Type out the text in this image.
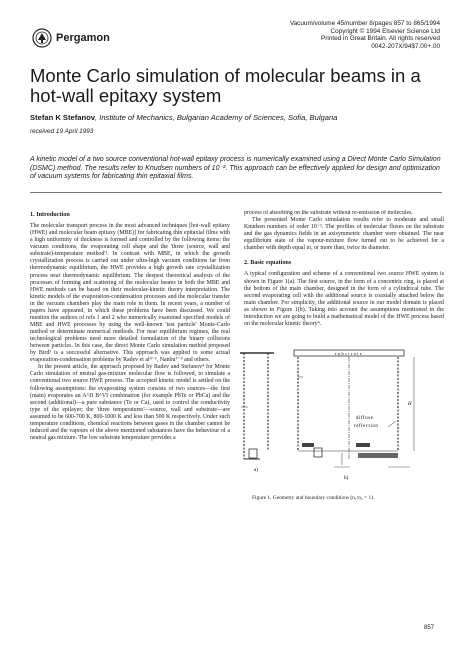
Pergamon
Vacuum/volume 45/number 8/pages 857 to 865/1994
Copyright © 1994 Elsevier Science Ltd
Printed in Great Britain. All rights reserved
0042-207X/94$7.00+.00
Monte Carlo simulation of molecular beams in a
hot-wall epitaxy system
Stefan K Stefanov, Institute of Mechanics, Bulgarian Academy of Sciences, Sofia, Bulgaria
received 19 April 1993
A kinetic model of a two source conventional hot-wall epitaxy process is numerically examined using a Direct Monte Carlo Simulation (DSMC) method. The results refer to Knudsen numbers of 10⁻². This approach can be effectively applied for design and optimization of vacuum systems for fabricating thin epitaxial films.
1. Introduction

The molecular transport process in the most advanced techniques [hot-wall epitaxy (HWE) and molecular beam epitaxy (MBE)] for fabricating thin epitaxial films with a high uniformity of thickness is formed and controlled by the following items: the vacuum conditions, the evaporating cell shape and the 'three (source, wall and substrate)-temperature method'¹. In contrast with MBE, in which the growth crystallization process is carried out under ultra-high vacuum conditions far from thermodynamic equilibrium, the HWE provides a high growth rate crystallization process near thermodynamic equilibrium. The deepest theoretical analysis of the processes of forming and scattering of the molecular beams in both the MBE and HWE methods can be based on their molecular-kinetic theory interpretation. The kinetic models of the evaporation-condensation processes and the molecular transfer in the vacuum chambers play the main role in them. In recent years, a number of papers have appeared, in which these problems have been discussed. We could mention the authors of refs 1 and 2 who numerically examined specified models of MBE and HWE processes by using the well-known 'test particle' Monte-Carlo method or determinate numerical methods. For near equilibrium regimes, the real technological problems need more detailed formulation of the binary collisions between particles. In this case, the direct Monte Carlo simulation method proposed by Bird³ is a successful alternative. This approach was applied to some actual evaporation-condensation problems by Radev et al⁴⁻⁶, Nanbu⁷⁻⁹ and others.

In the present article, the approach proposed by Radev and Stefanov⁴ for Monte Carlo simulation of neutral gas-mixture molecular flow is followed, to simulate a conventional two source HWE process. The accepted kinetic model is settled on the following assumptions: the evaporating system consists of two sources—the first (main) evaporates an A^II B^VI combination (for example PbTe or PbCa) and the second (additional)—a pure substance (Te or Ca), used to control the conductivity type of the epilayer; the 'three temperatures'—source, wall and substrate—are assumed to be 600-700 K, 800-1000 K and less than 500 K respectively. Under such temperature conditions, chemical reactions between gases in the chamber cannot be induced and the vapours of the above mentioned substances have the behaviour of a neutral gas mixture. The low substrate temperature provides a

process of absorbing on the substrate without re-emission of molecules.

The presented Monte Carlo simulation results refer to moderate and small Knudsen numbers of order 10⁻². The profiles of molecular fluxes on the substrate and the gas dynamics fields in an axisymmetric chamber were obtained. The near equilibrium state of the vapour-mixture flow turned out to be achieved for a chamber with depth equal to, or more than, twice its diameter.

2. Basic equations

A typical configuration and scheme of a conventional two source HWE system is shown in Figure 1(a). The first source, in the form of a concentric ring, is placed at the bottom of the main chamber, designed in the form of a cylindrical tube. The second evaporating cell with the additional source is coaxially attached below the main chamber. For simplicity, the additional source in our model domain is placed as shown in Figure 1(b). Taking into account the assumptions mentioned in the introduction we are going to build a mathematical model of the HWE process based on the molecular kinetic theory⁴.

substrate
diffuse
reflection
H
a)
b)
Figure 1. Geometry and boundary conditions (n₁/n₂ = 1).
857
